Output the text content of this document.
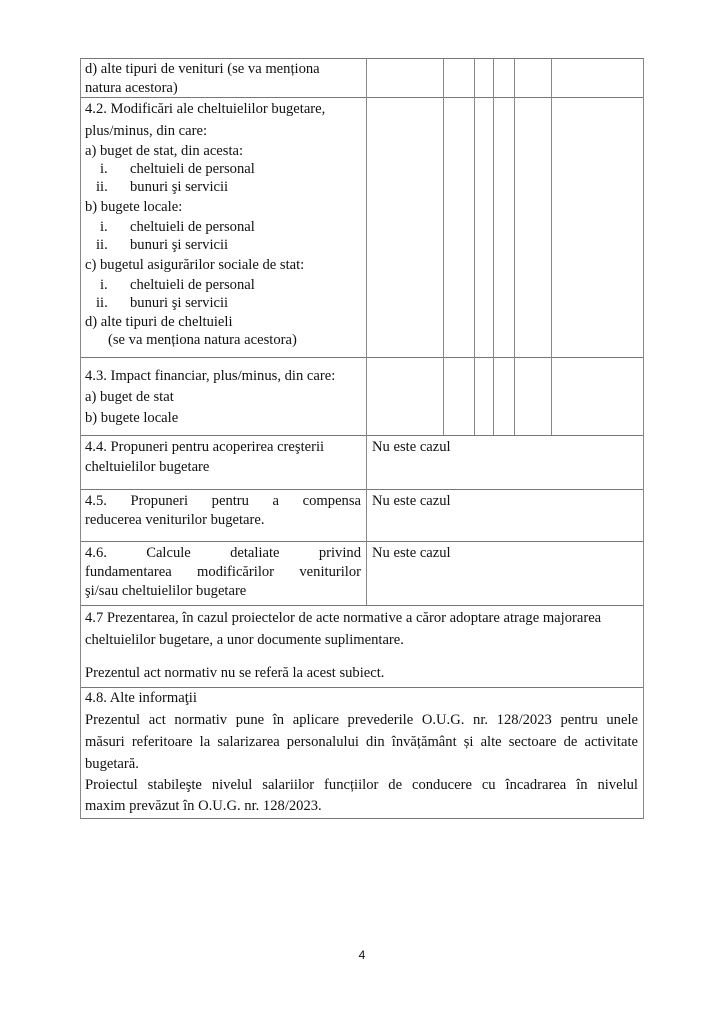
d) alte tipuri de venituri (se va menționa
natura acestora)
4.2. Modificări ale cheltuielilor bugetare,
plus/minus, din care:
a) buget de stat, din acesta:
i. cheltuieli de personal
ii. bunuri şi servicii
b) bugete locale:
i. cheltuieli de personal
ii. bunuri şi servicii
c) bugetul asigurărilor sociale de stat:
i. cheltuieli de personal
ii. bunuri şi servicii
d) alte tipuri de cheltuieli
(se va menționa natura acestora)
4.3. Impact financiar, plus/minus, din care:
a) buget de stat
b) bugete locale
4.4. Propuneri pentru acoperirea creşterii
cheltuielilor bugetare
Nu este cazul
4.5. Propuneri pentru a compensa
reducerea veniturilor bugetare.
Nu este cazul
4.6. Calcule detaliate privind
fundamentarea modificărilor veniturilor
şi/sau cheltuielilor bugetare
Nu este cazul
4.7 Prezentarea, în cazul proiectelor de acte normative a căror adoptare atrage majorarea
cheltuielilor bugetare, a unor documente suplimentare.
Prezentul act normativ nu se referă la acest subiect.
4.8. Alte informaţii
Prezentul act normativ pune în aplicare prevederile O.U.G. nr. 128/2023 pentru unele
măsuri referitoare la salarizarea personalului din învățământ și alte sectoare de activitate
bugetară.
Proiectul stabileşte nivelul salariilor funcțiilor de conducere cu încadrarea în nivelul
maxim prevăzut în O.U.G. nr. 128/2023.
4
